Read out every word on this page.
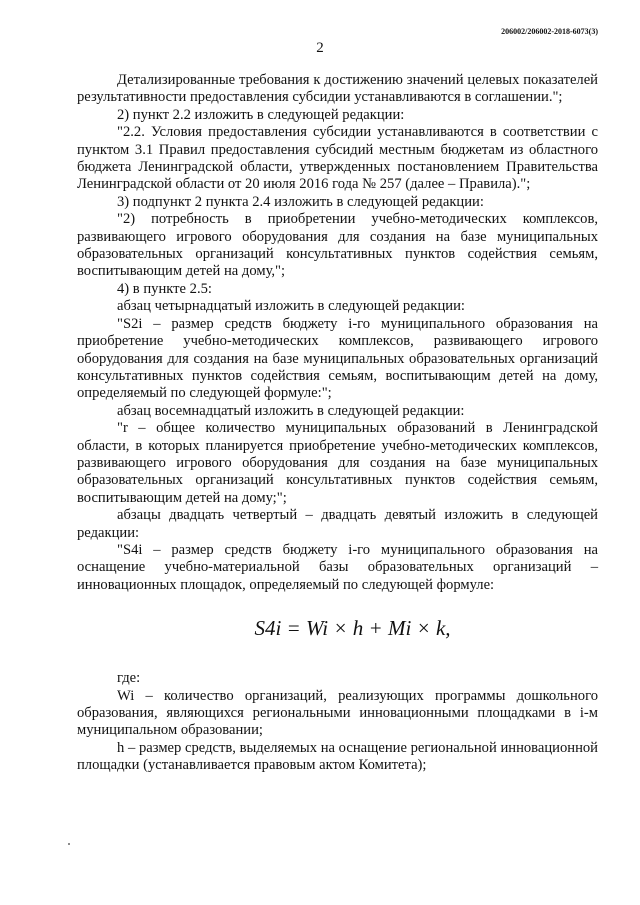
206002/206002-2018-6073(3)
2

Детализированные требования к достижению значений целевых показателей результативности предоставления субсидии устанавливаются в соглашении.";

2) пункт 2.2 изложить в следующей редакции:

"2.2. Условия предоставления субсидии устанавливаются в соответствии с пунктом 3.1 Правил предоставления субсидий местным бюджетам из областного бюджета Ленинградской области, утвержденных постановлением Правительства Ленинградской области от 20 июля 2016 года № 257 (далее – Правила).";

3) подпункт 2 пункта 2.4 изложить в следующей редакции:

"2) потребность в приобретении учебно-методических комплексов, развивающего игрового оборудования для создания на базе муниципальных образовательных организаций консультативных пунктов содействия семьям, воспитывающим детей на дому,";

4) в пункте 2.5:

абзац четырнадцатый изложить в следующей редакции:

"S2i – размер средств бюджету i-го муниципального образования на приобретение учебно-методических комплексов, развивающего игрового оборудования для создания на базе муниципальных образовательных организаций консультативных пунктов содействия семьям, воспитывающим детей на дому, определяемый по следующей формуле:";

абзац восемнадцатый изложить в следующей редакции:

"r – общее количество муниципальных образований в Ленинградской области, в которых планируется приобретение учебно-методических комплексов, развивающего игрового оборудования для создания на базе муниципальных образовательных организаций консультативных пунктов содействия семьям, воспитывающим детей на дому;";

абзацы двадцать четвертый – двадцать девятый изложить в следующей редакции:

"S4i – размер средств бюджету i-го муниципального образования на оснащение учебно-материальной базы образовательных организаций – инновационных площадок, определяемый по следующей формуле:

S4i = Wi × h + Mi × k,

где:

Wi – количество организаций, реализующих программы дошкольного образования, являющихся региональными инновационными площадками в i-м муниципальном образовании;

h – размер средств, выделяемых на оснащение региональной инновационной площадки (устанавливается правовым актом Комитета);
